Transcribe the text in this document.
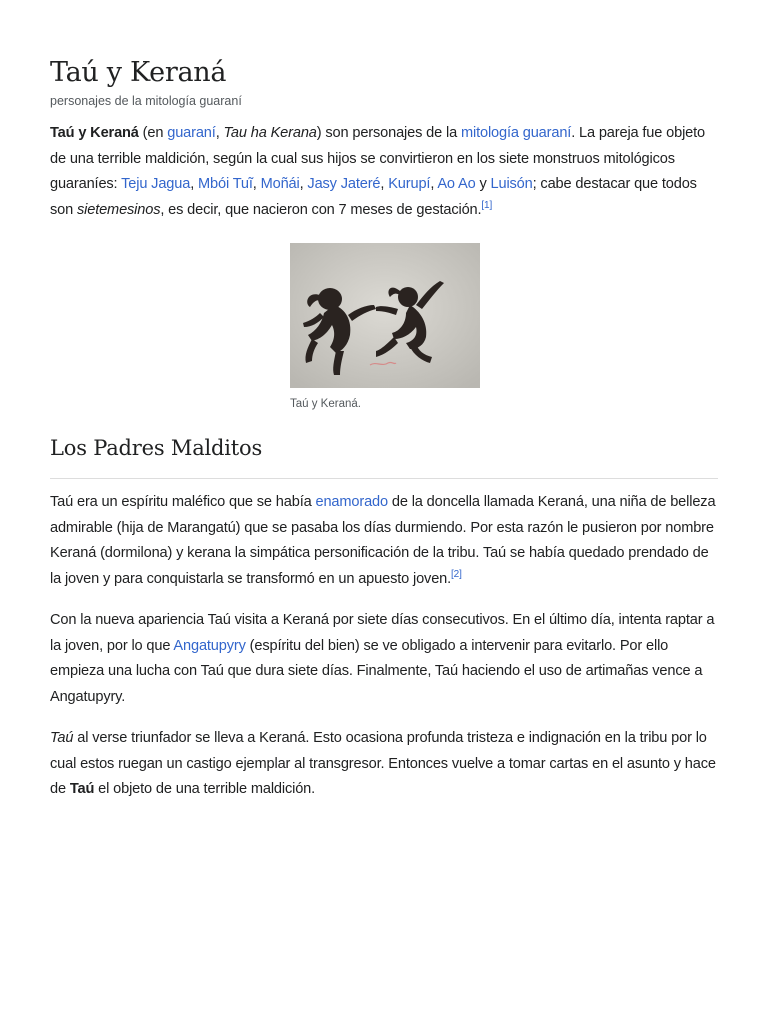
Taú y Keraná
personajes de la mitología guaraní

Taú y Keraná (en guaraní, Tau ha Kerana) son personajes de la mitología guaraní. La pareja fue objeto de una terrible maldición, según la cual sus hijos se convirtieron en los siete monstruos mitológicos guaraníes: Teju Jagua, Mbói Tuĩ, Moñái, Jasy Jateré, Kurupí, Ao Ao y Luisón; cabe destacar que todos son sietemesinos, es decir, que nacieron con 7 meses de gestación.[1]

Taú y Keraná.
Los Padres Malditos

Taú era un espíritu maléfico que se había enamorado de la doncella llamada Keraná, una niña de belleza admirable (hija de Marangatú) que se pasaba los días durmiendo. Por esta razón le pusieron por nombre Keraná (dormilona) y kerana la simpática personificación de la tribu. Taú se había quedado prendado de la joven y para conquistarla se transformó en un apuesto joven.[2]

Con la nueva apariencia Taú visita a Keraná por siete días consecutivos. En el último día, intenta raptar a la joven, por lo que Angatupyry (espíritu del bien) se ve obligado a intervenir para evitarlo. Por ello empieza una lucha con Taú que dura siete días. Finalmente, Taú haciendo el uso de artimañas vence a Angatupyry.

Taú al verse triunfador se lleva a Keraná. Esto ocasiona profunda tristeza e indignación en la tribu por lo cual estos ruegan un castigo ejemplar al transgresor. Entonces vuelve a tomar cartas en el asunto y hace de Taú el objeto de una terrible maldición.
